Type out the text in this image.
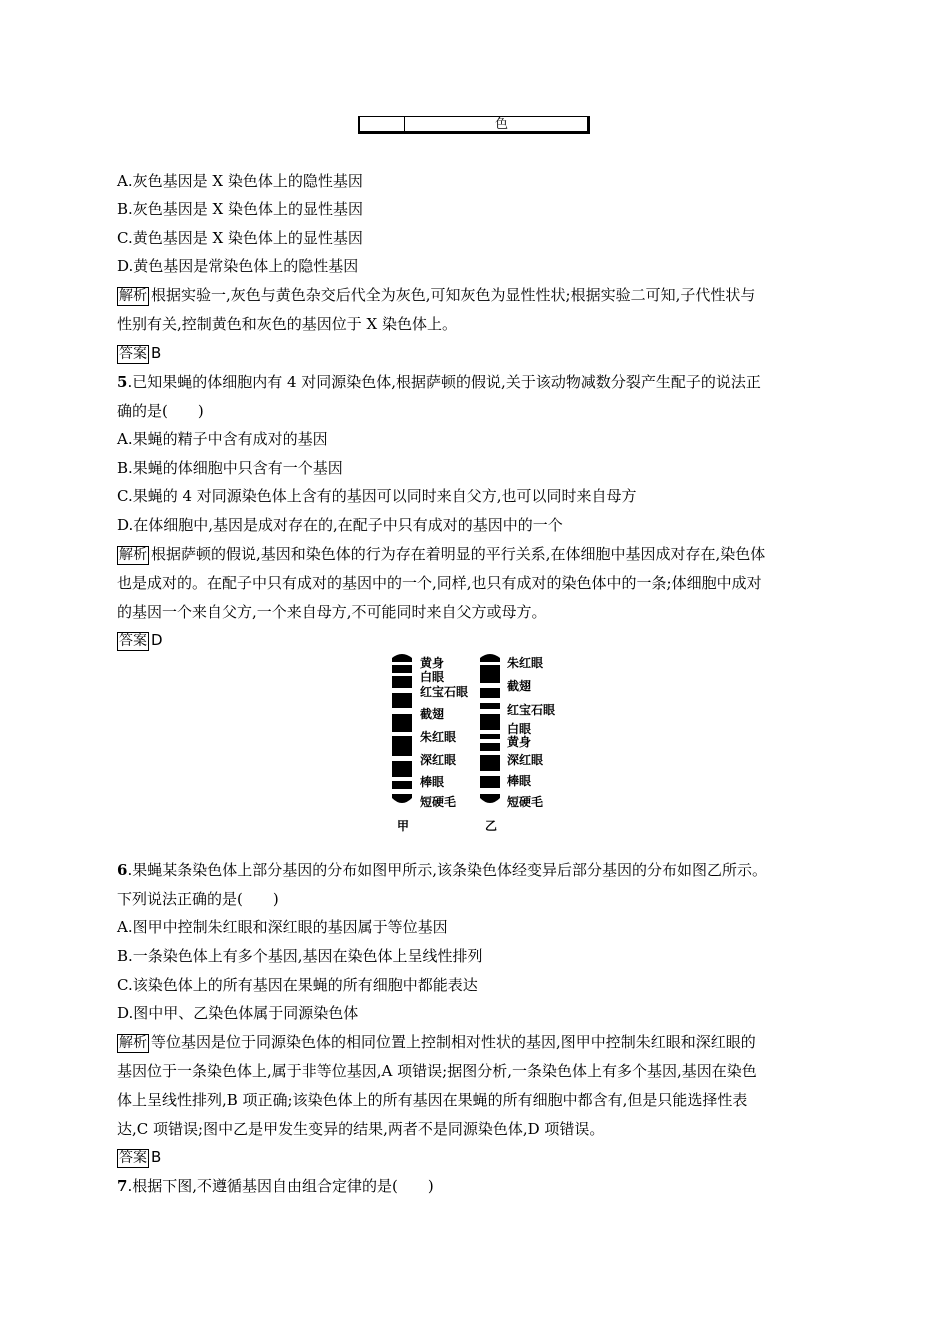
色
A.灰色基因是 X 染色体上的隐性基因
B.灰色基因是 X 染色体上的显性基因
C.黄色基因是 X 染色体上的显性基因
D.黄色基因是常染色体上的隐性基因
解析 根据实验一,灰色与黄色杂交后代全为灰色,可知灰色为显性性状;根据实验二可知,子代性状与
性别有关,控制黄色和灰色的基因位于 X 染色体上。
答案 B
5.已知果蝇的体细胞内有 4 对同源染色体,根据萨顿的假说,关于该动物减数分裂产生配子的说法正
确的是(　　)
A.果蝇的精子中含有成对的基因
B.果蝇的体细胞中只含有一个基因
C.果蝇的 4 对同源染色体上含有的基因可以同时来自父方,也可以同时来自母方
D.在体细胞中,基因是成对存在的,在配子中只有成对的基因中的一个
解析 根据萨顿的假说,基因和染色体的行为存在着明显的平行关系,在体细胞中基因成对存在,染色体
也是成对的。在配子中只有成对的基因中的一个,同样,也只有成对的染色体中的一条;体细胞中成对
的基因一个来自父方,一个来自母方,不可能同时来自父方或母方。
答案 D
黄身
白眼
红宝石眼
截翅
朱红眼
深红眼
棒眼
短硬毛
朱红眼
截翅
红宝石眼
白眼
黄身
深红眼
棒眼
短硬毛
甲	乙
6.果蝇某条染色体上部分基因的分布如图甲所示,该条染色体经变异后部分基因的分布如图乙所示。
下列说法正确的是(　　)
A.图甲中控制朱红眼和深红眼的基因属于等位基因
B.一条染色体上有多个基因,基因在染色体上呈线性排列
C.该染色体上的所有基因在果蝇的所有细胞中都能表达
D.图中甲、乙染色体属于同源染色体
解析 等位基因是位于同源染色体的相同位置上控制相对性状的基因,图甲中控制朱红眼和深红眼的
基因位于一条染色体上,属于非等位基因,A 项错误;据图分析,一条染色体上有多个基因,基因在染色
体上呈线性排列,B 项正确;该染色体上的所有基因在果蝇的所有细胞中都含有,但是只能选择性表
达,C 项错误;图中乙是甲发生变异的结果,两者不是同源染色体,D 项错误。
答案 B
7.根据下图,不遵循基因自由组合定律的是(　　)
